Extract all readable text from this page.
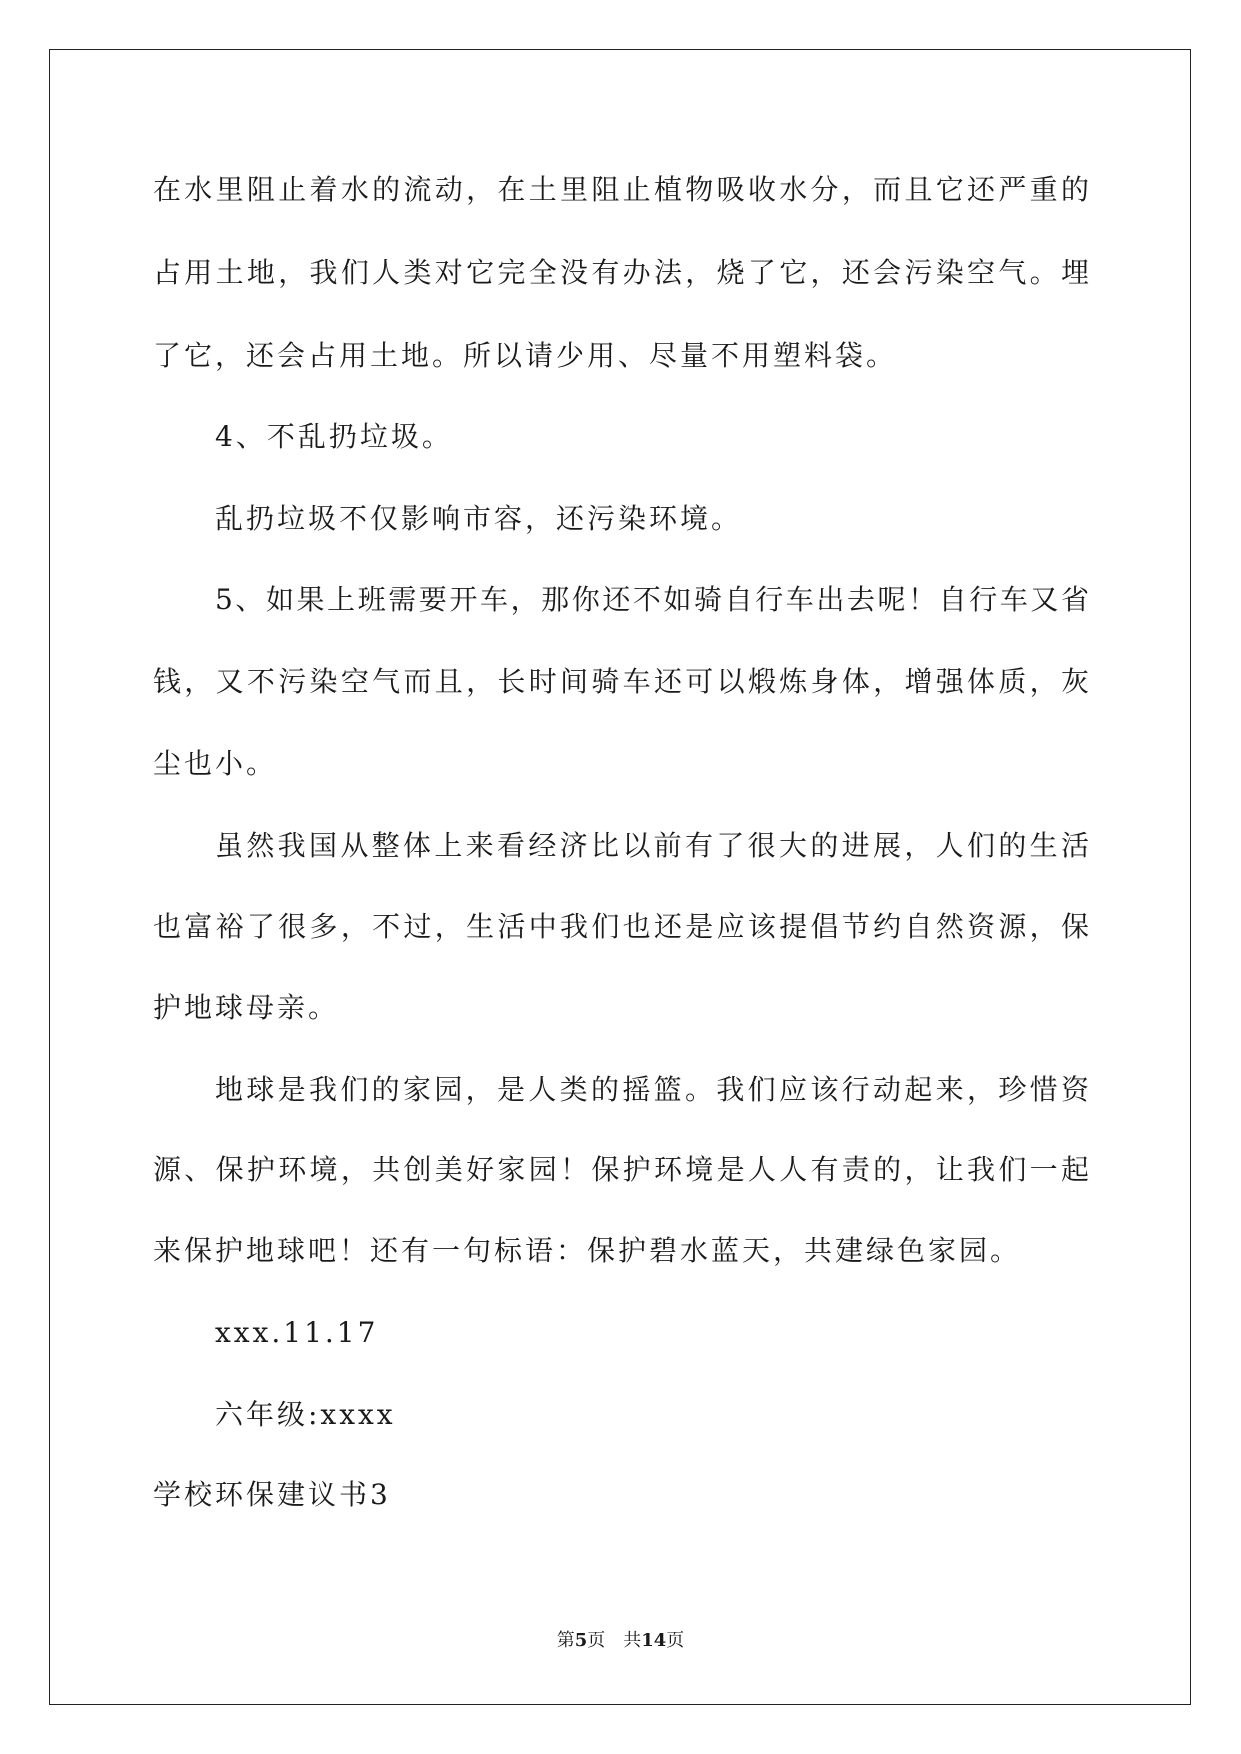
在水里阻止着水的流动，在土里阻止植物吸收水分，而且它还严重的
占用土地，我们人类对它完全没有办法，烧了它，还会污染空气。埋
了它，还会占用土地。所以请少用、尽量不用塑料袋。
4、不乱扔垃圾。
乱扔垃圾不仅影响市容，还污染环境。
5、如果上班需要开车，那你还不如骑自行车出去呢！自行车又省
钱，又不污染空气而且，长时间骑车还可以煅炼身体，增强体质，灰
尘也小。
虽然我国从整体上来看经济比以前有了很大的进展，人们的生活
也富裕了很多，不过，生活中我们也还是应该提倡节约自然资源，保
护地球母亲。
地球是我们的家园，是人类的摇篮。我们应该行动起来，珍惜资
源、保护环境，共创美好家园！保护环境是人人有责的，让我们一起
来保护地球吧！还有一句标语：保护碧水蓝天，共建绿色家园。
xxx.11.17
六年级:xxxx
学校环保建议书3
第5页 共14页
